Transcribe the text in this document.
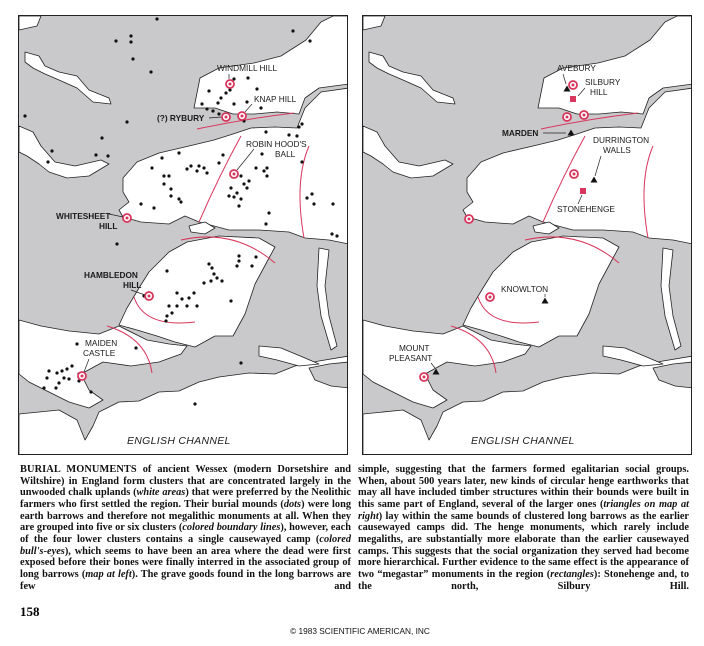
WINDMILL HILL
KNAP HILL
(?) RYBURY
ROBIN HOOD'S
BALL
WHITESHEET
HILL
HAMBLEDON
HILL
MAIDEN
CASTLE
ENGLISH CHANNEL
AVEBURY
SILBURY
HILL
MARDEN
DURRINGTON
WALLS
STONEHENGE
KNOWLTON
MOUNT
PLEASANT
ENGLISH CHANNEL
BURIAL MONUMENTS of ancient Wessex (modern Dorsetshire and Wiltshire) in England form clusters that are concentrated largely in the unwooded chalk uplands (white areas) that were preferred by the Neolithic farmers who first settled the region. Their burial mounds (dots) were long earth barrows and therefore not megalithic monuments at all. When they are grouped into five or six clusters (colored boundary lines), however, each of the four lower clusters contains a single causewayed camp (colored bull's-eyes), which seems to have been an area where the dead were first exposed before their bones were finally interred in the associated group of long barrows (map at left). The grave goods found in the long barrows are few and
simple, suggesting that the farmers formed egalitarian social groups. When, about 500 years later, new kinds of circular henge earthworks that may all have included timber structures within their bounds were built in this same part of England, several of the larger ones (triangles on map at right) lay within the same bounds of clustered long barrows as the earlier causewayed camps did. The henge monuments, which rarely include megaliths, are substantially more elaborate than the earlier causewayed camps. This suggests that the social organization they served had become more hierarchical. Further evidence to the same effect is the appearance of two “megastar” monuments in the region (rectangles): Stonehenge and, to the north, Silbury Hill.
158
© 1983 SCIENTIFIC AMERICAN, INC
